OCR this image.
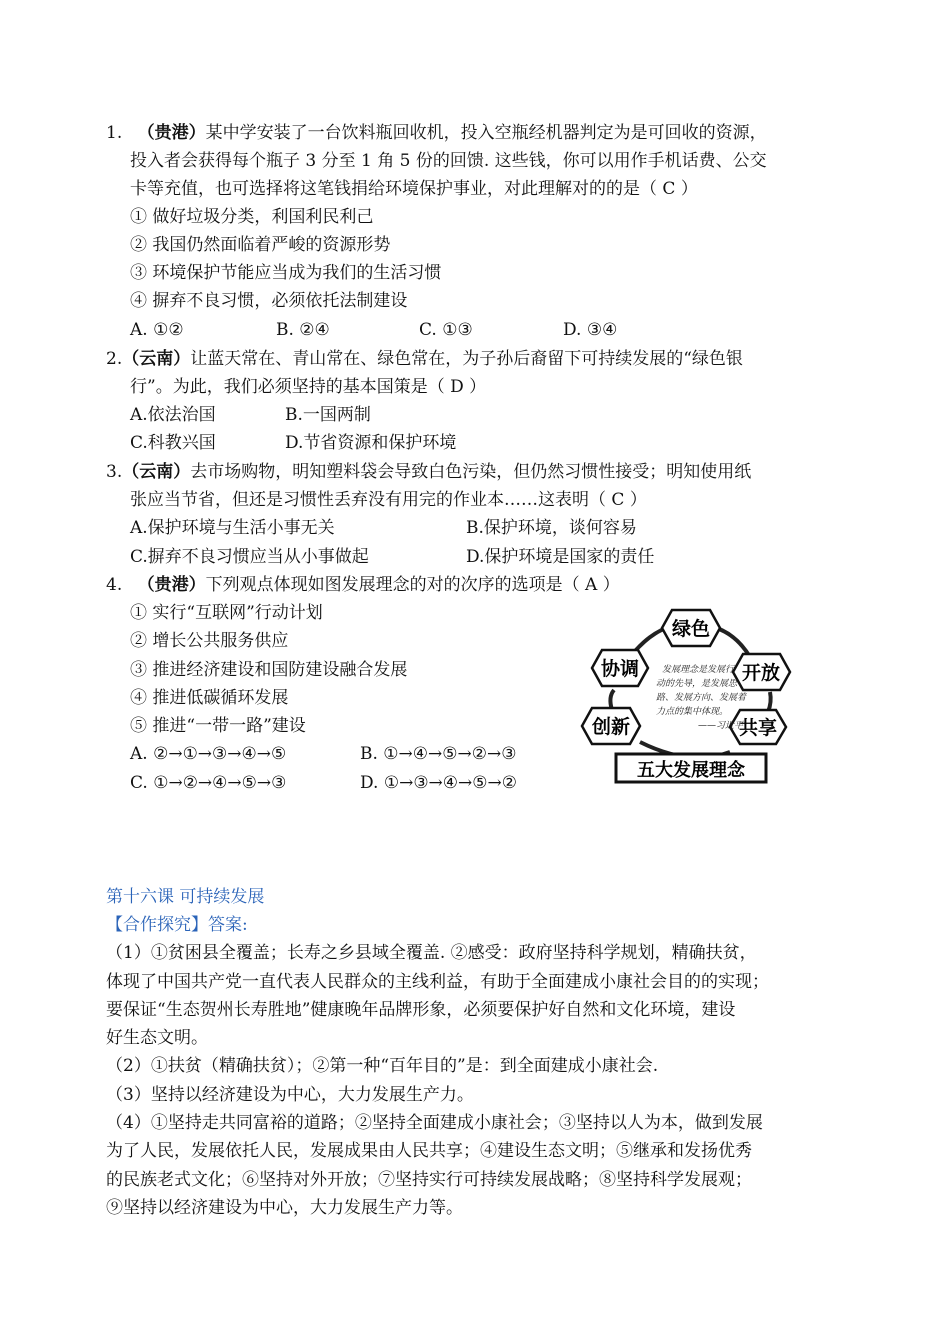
1. （贵港）某中学安装了一台饮料瓶回收机，投入空瓶经机器判定为是可回收的资源，
投入者会获得每个瓶子 3 分至 1 角 5 份的回馈. 这些钱，你可以用作手机话费、公交
卡等充值，也可选择将这笔钱捐给环境保护事业，对此理解对的的是（ C ）
① 做好垃圾分类，利国利民利己
② 我国仍然面临着严峻的资源形势
③ 环境保护节能应当成为我们的生活习惯
④ 摒弃不良习惯，必须依托法制建设
A. ①②	B. ②④	C. ①③	D. ③④
2.（云南）让蓝天常在、青山常在、绿色常在，为子孙后裔留下可持续发展的“绿色银
行”。为此，我们必须坚持的基本国策是（ D ）
A.依法治国	B.一国两制
C.科教兴国	D.节省资源和保护环境
3.（云南）去市场购物，明知塑料袋会导致白色污染，但仍然习惯性接受；明知使用纸
张应当节省，但还是习惯性丢弃没有用完的作业本……这表明（ C ）
A.保护环境与生活小事无关	B.保护环境，谈何容易
C.摒弃不良习惯应当从小事做起	D.保护环境是国家的责任
4. （贵港）下列观点体现如图发展理念的对的次序的选项是（ A ）
① 实行“互联网”行动计划
② 增长公共服务供应
③ 推进经济建设和国防建设融合发展
④ 推进低碳循环发展
⑤ 推进“一带一路”建设
A. ②→①→③→④→⑤	B. ①→④→⑤→②→③
C. ①→②→④→⑤→③	D. ①→③→④→⑤→②
绿色
开放
共享
创新
协调	发展理念是发展行
动的先导，是发展思
路、发展方向、发展着
力点的集中体现。
——习近平
五大发展理念
第十六课 可持续发展
【合作探究】答案:
（1）①贫困县全覆盖；长寿之乡县域全覆盖. ②感受：政府坚持科学规划，精确扶贫，
体现了中国共产党一直代表人民群众的主线利益，有助于全面建成小康社会目的的实现；
要保证“生态贺州长寿胜地”健康晚年品牌形象，必须要保护好自然和文化环境，建设
好生态文明。
（2）①扶贫（精确扶贫）；②第一种“百年目的”是：到全面建成小康社会.
（3）坚持以经济建设为中心，大力发展生产力。
（4）①坚持走共同富裕的道路；②坚持全面建成小康社会；③坚持以人为本，做到发展
为了人民，发展依托人民，发展成果由人民共享；④建设生态文明；⑤继承和发扬优秀
的民族老式文化；⑥坚持对外开放；⑦坚持实行可持续发展战略；⑧坚持科学发展观；
⑨坚持以经济建设为中心，大力发展生产力等。
